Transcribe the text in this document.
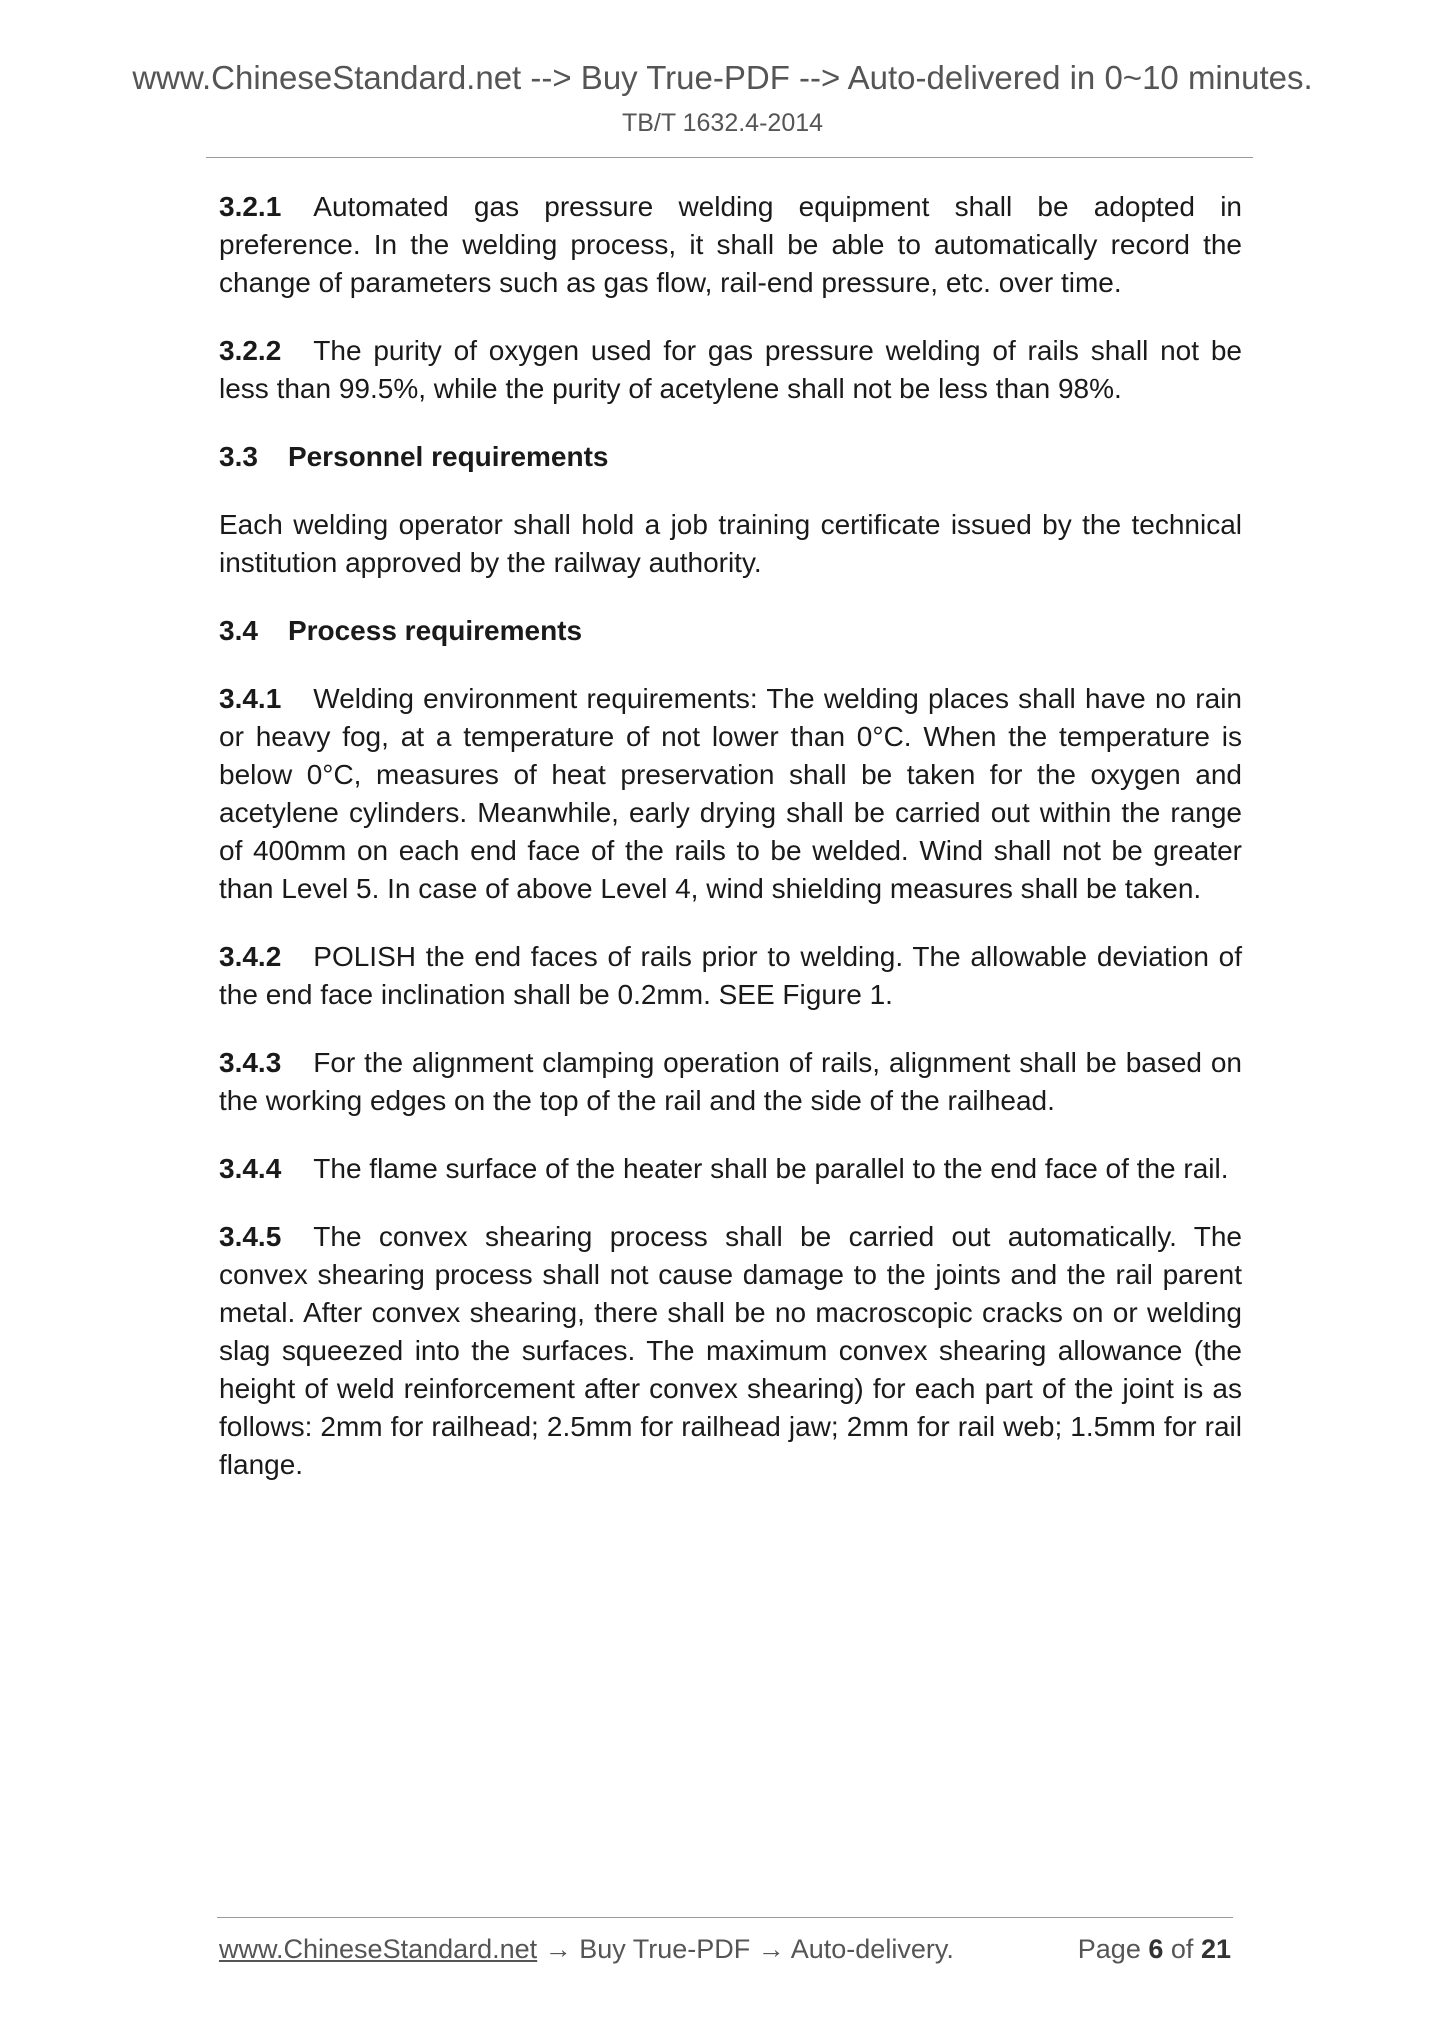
www.ChineseStandard.net --> Buy True-PDF --> Auto-delivered in 0~10 minutes.
TB/T 1632.4-2014

3.2.1 Automated gas pressure welding equipment shall be adopted in preference. In the welding process, it shall be able to automatically record the change of parameters such as gas flow, rail-end pressure, etc. over time.

3.2.2 The purity of oxygen used for gas pressure welding of rails shall not be less than 99.5%, while the purity of acetylene shall not be less than 98%.

3.3 Personnel requirements

Each welding operator shall hold a job training certificate issued by the technical institution approved by the railway authority.

3.4 Process requirements

3.4.1 Welding environment requirements: The welding places shall have no rain or heavy fog, at a temperature of not lower than 0°C. When the temperature is below 0°C, measures of heat preservation shall be taken for the oxygen and acetylene cylinders. Meanwhile, early drying shall be carried out within the range of 400mm on each end face of the rails to be welded. Wind shall not be greater than Level 5. In case of above Level 4, wind shielding measures shall be taken.

3.4.2 POLISH the end faces of rails prior to welding. The allowable deviation of the end face inclination shall be 0.2mm. SEE Figure 1.

3.4.3 For the alignment clamping operation of rails, alignment shall be based on the working edges on the top of the rail and the side of the railhead.

3.4.4 The flame surface of the heater shall be parallel to the end face of the rail.

3.4.5 The convex shearing process shall be carried out automatically. The convex shearing process shall not cause damage to the joints and the rail parent metal. After convex shearing, there shall be no macroscopic cracks on or welding slag squeezed into the surfaces. The maximum convex shearing allowance (the height of weld reinforcement after convex shearing) for each part of the joint is as follows: 2mm for railhead; 2.5mm for railhead jaw; 2mm for rail web; 1.5mm for rail flange.

www.ChineseStandard.net → Buy True-PDF → Auto-delivery.	Page 6 of 21
